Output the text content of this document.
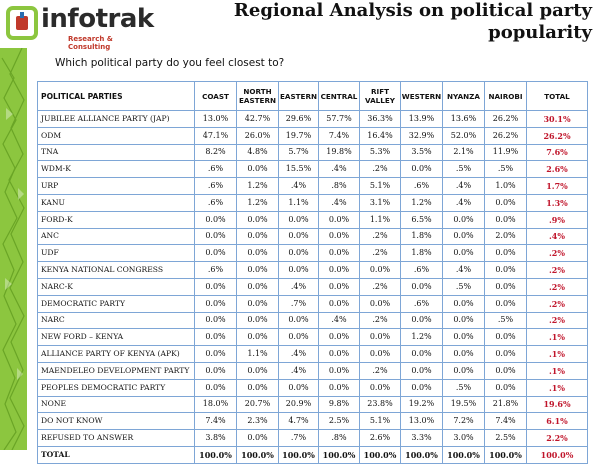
infotrak
Research & Consulting
Regional Analysis on political party popularity
Which political party do you feel closest to?
POLITICAL PARTIES	COAST	NORTH EASTERN	EASTERN	CENTRAL	RIFT VALLEY	WESTERN	NYANZA	NAIROBI	TOTAL
JUBILEE ALLIANCE PARTY (JAP)	13.0%	42.7%	29.6%	57.7%	36.3%	13.9%	13.6%	26.2%	30.1%
ODM	47.1%	26.0%	19.7%	7.4%	16.4%	32.9%	52.0%	26.2%	26.2%
TNA	8.2%	4.8%	5.7%	19.8%	5.3%	3.5%	2.1%	11.9%	7.6%
WDM-K	.6%	0.0%	15.5%	.4%	.2%	0.0%	.5%	.5%	2.6%
URP	.6%	1.2%	.4%	.8%	5.1%	.6%	.4%	1.0%	1.7%
KANU	.6%	1.2%	1.1%	.4%	3.1%	1.2%	.4%	0.0%	1.3%
FORD-K	0.0%	0.0%	0.0%	0.0%	1.1%	6.5%	0.0%	0.0%	.9%
ANC	0.0%	0.0%	0.0%	0.0%	.2%	1.8%	0.0%	2.0%	.4%
UDF	0.0%	0.0%	0.0%	0.0%	.2%	1.8%	0.0%	0.0%	.2%
KENYA NATIONAL CONGRESS	.6%	0.0%	0.0%	0.0%	0.0%	.6%	.4%	0.0%	.2%
NARC-K	0.0%	0.0%	.4%	0.0%	.2%	0.0%	.5%	0.0%	.2%
DEMOCRATIC PARTY	0.0%	0.0%	.7%	0.0%	0.0%	.6%	0.0%	0.0%	.2%
NARC	0.0%	0.0%	0.0%	.4%	.2%	0.0%	0.0%	.5%	.2%
NEW FORD – KENYA	0.0%	0.0%	0.0%	0.0%	0.0%	1.2%	0.0%	0.0%	.1%
ALLIANCE PARTY OF KENYA (APK)	0.0%	1.1%	.4%	0.0%	0.0%	0.0%	0.0%	0.0%	.1%
MAENDELEO DEVELOPMENT PARTY	0.0%	0.0%	.4%	0.0%	.2%	0.0%	0.0%	0.0%	.1%
PEOPLES DEMOCRATIC PARTY	0.0%	0.0%	0.0%	0.0%	0.0%	0.0%	.5%	0.0%	.1%
NONE	18.0%	20.7%	20.9%	9.8%	23.8%	19.2%	19.5%	21.8%	19.6%
DO NOT KNOW	7.4%	2.3%	4.7%	2.5%	5.1%	13.0%	7.2%	7.4%	6.1%
REFUSED TO ANSWER	3.8%	0.0%	.7%	.8%	2.6%	3.3%	3.0%	2.5%	2.2%
TOTAL	100.0%	100.0%	100.0%	100.0%	100.0%	100.0%	100.0%	100.0%	100.0%
